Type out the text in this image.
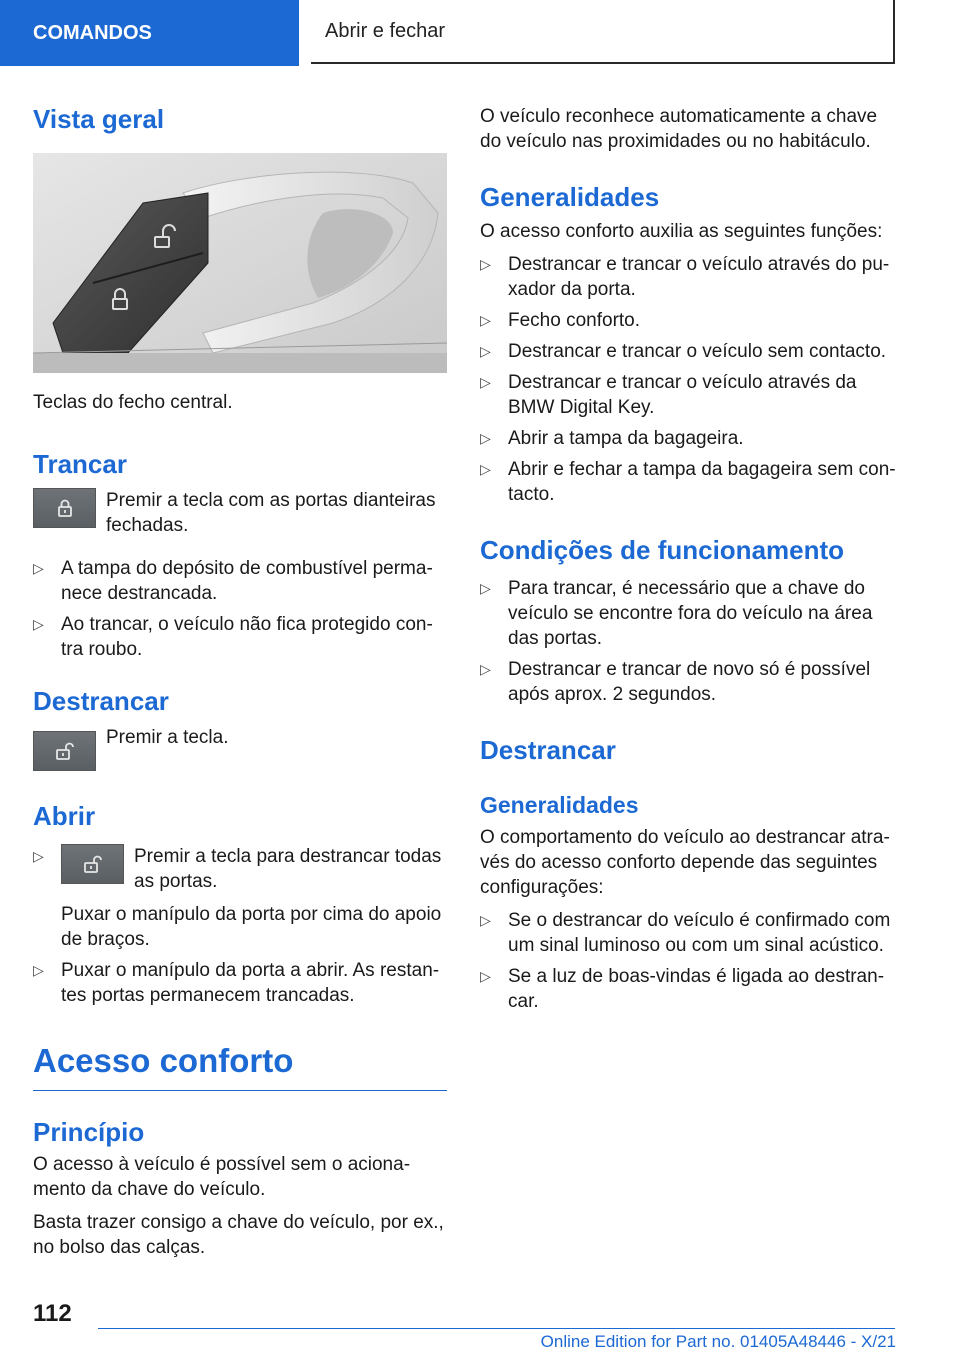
COMANDOS	Abrir e fechar
Vista geral

Teclas do fecho central.

Trancar

Premir a tecla com as portas dianteiras fechadas.

▷ A tampa do depósito de combustível permanece destrancada.
▷ Ao trancar, o veículo não fica protegido contra roubo.
Destrancar

Premir a tecla.

Abrir
▷	Premir a tecla para destrancar todas as portas.
Puxar o manípulo da porta por cima do apoio de braços.
▷ Puxar o manípulo da porta a abrir. As restantes portas permanecem trancadas.
Acesso conforto
Princípio

O acesso à veículo é possível sem o acionamento da chave do veículo.

Basta trazer consigo a chave do veículo, por ex., no bolso das calças.

O veículo reconhece automaticamente a chave do veículo nas proximidades ou no habitáculo.

Generalidades

O acesso conforto auxilia as seguintes funções:

▷ Destrancar e trancar o veículo através do puxador da porta.
▷ Fecho conforto.
▷ Destrancar e trancar o veículo sem contacto.
▷ Destrancar e trancar o veículo através da BMW Digital Key.
▷ Abrir a tampa da bagageira.
▷ Abrir e fechar a tampa da bagageira sem contacto.
Condições de funcionamento
▷ Para trancar, é necessário que a chave do veículo se encontre fora do veículo na área das portas.
▷ Destrancar e trancar de novo só é possível após aprox. 2 segundos.
Destrancar
Generalidades

O comportamento do veículo ao destrancar através do acesso conforto depende das seguintes configurações:

▷ Se o destrancar do veículo é confirmado com um sinal luminoso ou com um sinal acústico.
▷ Se a luz de boas-vindas é ligada ao destrancar.
112
Online Edition for Part no. 01405A48446 - X/21
